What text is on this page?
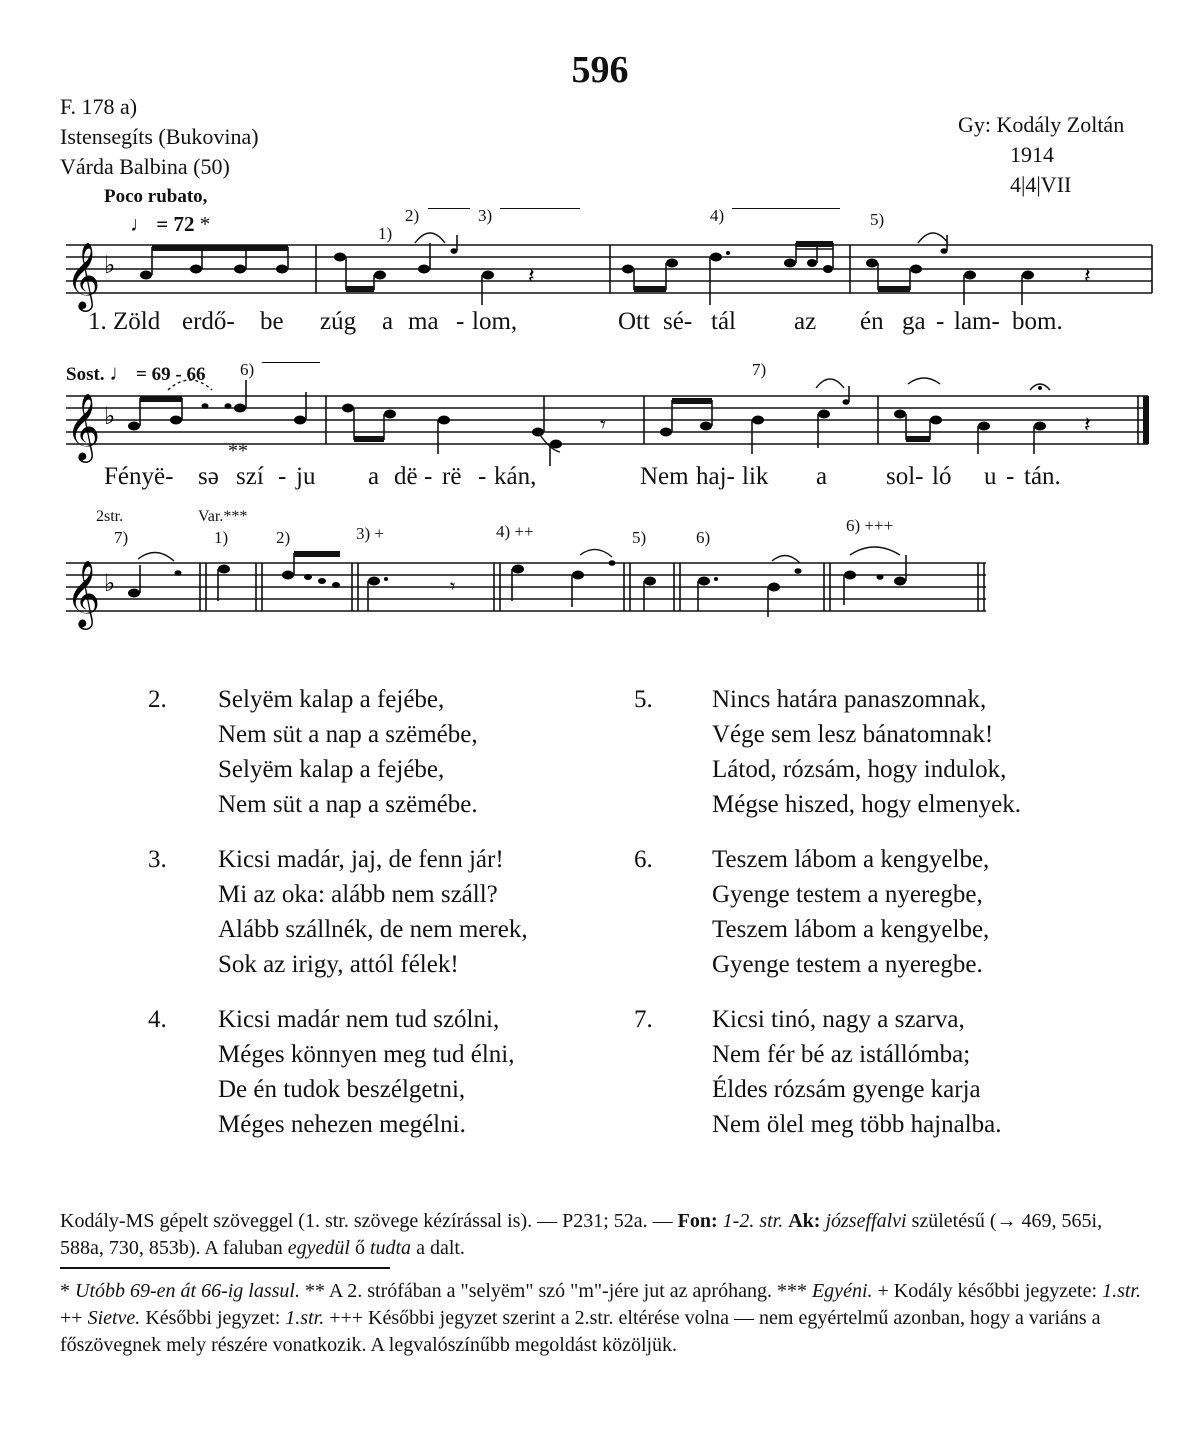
596
F. 178 a)
Istensegíts (Bukovina)
Várda Balbina (50)
Gy: Kodály Zoltán
1914
4|4|VII
Poco rubato,
♩ = 72 *
𝄞 ♭	𝄽	𝄽
1)
2)	3)	4)	5)
1. Zöld erdő- be zúg a ma - lom,	Ott sé- tál az én ga - lam- bom.
Sost. ♩ = 69 - 66 6)	7)
𝄞 ♭	𝄾	𝄽
**
Fényë- sə szí - ju a dë - rë - kán,	Nem haj- lik a sol- ló u - tán.
2str.	Var.***
7)	1)	2)	3) +	4) ++	5)	6)
6) +++
𝄞 ♭	𝄾
2. Selyëm kalap a fejébe,
Nem süt a nap a szëmébe,
Selyëm kalap a fejébe,
Nem süt a nap a szëmébe.
3. Kicsi madár, jaj, de fenn jár!
Mi az oka: alább nem száll?
Alább szállnék, de nem merek,
Sok az irigy, attól félek!
4. Kicsi madár nem tud szólni,
Méges könnyen meg tud élni,
De én tudok beszélgetni,
Méges nehezen megélni.
5. Nincs határa panaszomnak,
Vége sem lesz bánatomnak!
Látod, rózsám, hogy indulok,
Mégse hiszed, hogy elmenyek.
6. Teszem lábom a kengyelbe,
Gyenge testem a nyeregbe,
Teszem lábom a kengyelbe,
Gyenge testem a nyeregbe.
7. Kicsi tinó, nagy a szarva,
Nem fér bé az istállómba;
Éldes rózsám gyenge karja
Nem ölel meg több hajnalba.
Kodály-MS gépelt szöveggel (1. str. szövege kézírással is). — P231; 52a. — Fon: 1-2. str. Ak: józseffalvi születésű (→ 469, 565i, 588a, 730, 853b). A faluban egyedül ő tudta a dalt.
* Utóbb 69-en át 66-ig lassul. ** A 2. strófában a "selyëm" szó "m"-jére jut az apróhang. *** Egyéni. + Kodály későbbi jegyzete: 1.str. ++ Sietve. Későbbi jegyzet: 1.str. +++ Későbbi jegyzet szerint a 2.str. eltérése volna — nem egyértelmű azonban, hogy a variáns a főszövegnek mely részére vonatkozik. A legvalószínűbb megoldást közöljük.
